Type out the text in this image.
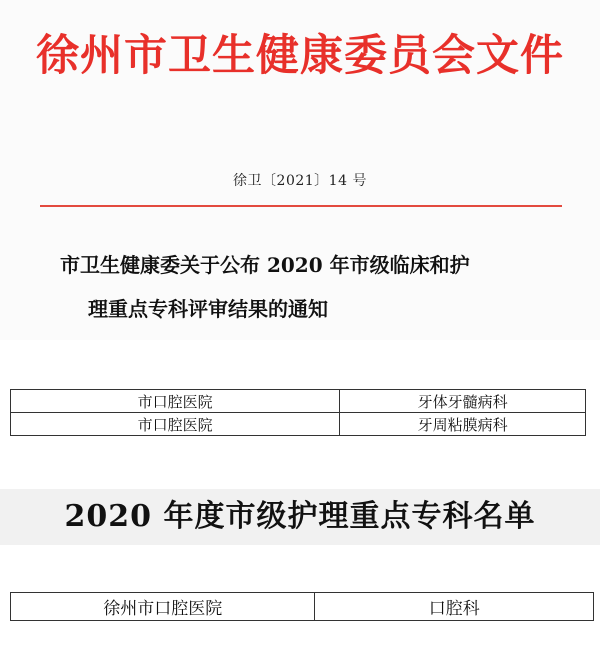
徐州市卫生健康委员会文件
徐卫〔2021〕14 号
市卫生健康委关于公布 2020 年市级临床和护
理重点专科评审结果的通知
市口腔医院	牙体牙髓病科
市口腔医院	牙周粘膜病科
2020 年度市级护理重点专科名单
徐州市口腔医院	口腔科
